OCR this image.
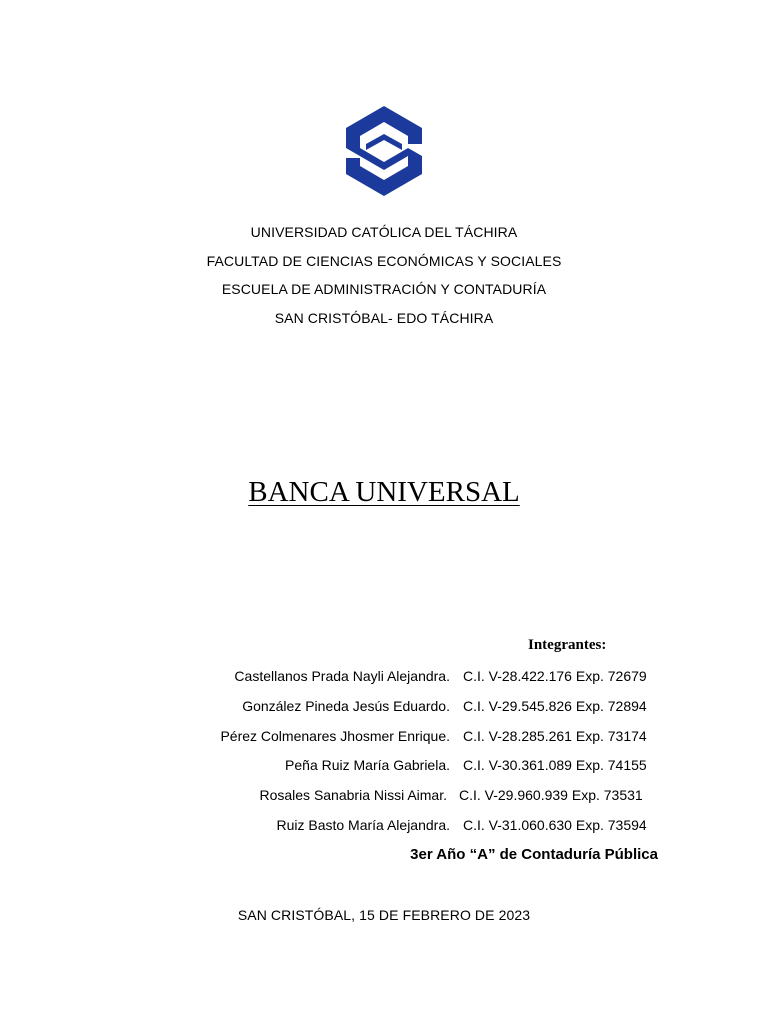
UNIVERSIDAD CATÓLICA DEL TÁCHIRA
FACULTAD DE CIENCIAS ECONÓMICAS Y SOCIALES
ESCUELA DE ADMINISTRACIÓN Y CONTADURÍA
SAN CRISTÓBAL- EDO TÁCHIRA
BANCA UNIVERSAL
Integrantes:
Castellanos Prada Nayli Alejandra. C.I. V-28.422.176 Exp. 72679
González Pineda Jesús Eduardo. C.I. V-29.545.826 Exp. 72894
Pérez Colmenares Jhosmer Enrique. C.I. V-28.285.261 Exp. 73174
Peña Ruiz María Gabriela. C.I. V-30.361.089 Exp. 74155
Rosales Sanabria Nissi Aimar. C.I. V-29.960.939 Exp. 73531
Ruiz Basto María Alejandra. C.I. V-31.060.630 Exp. 73594
3er Año “A” de Contaduría Pública
SAN CRISTÓBAL, 15 DE FEBRERO DE 2023
